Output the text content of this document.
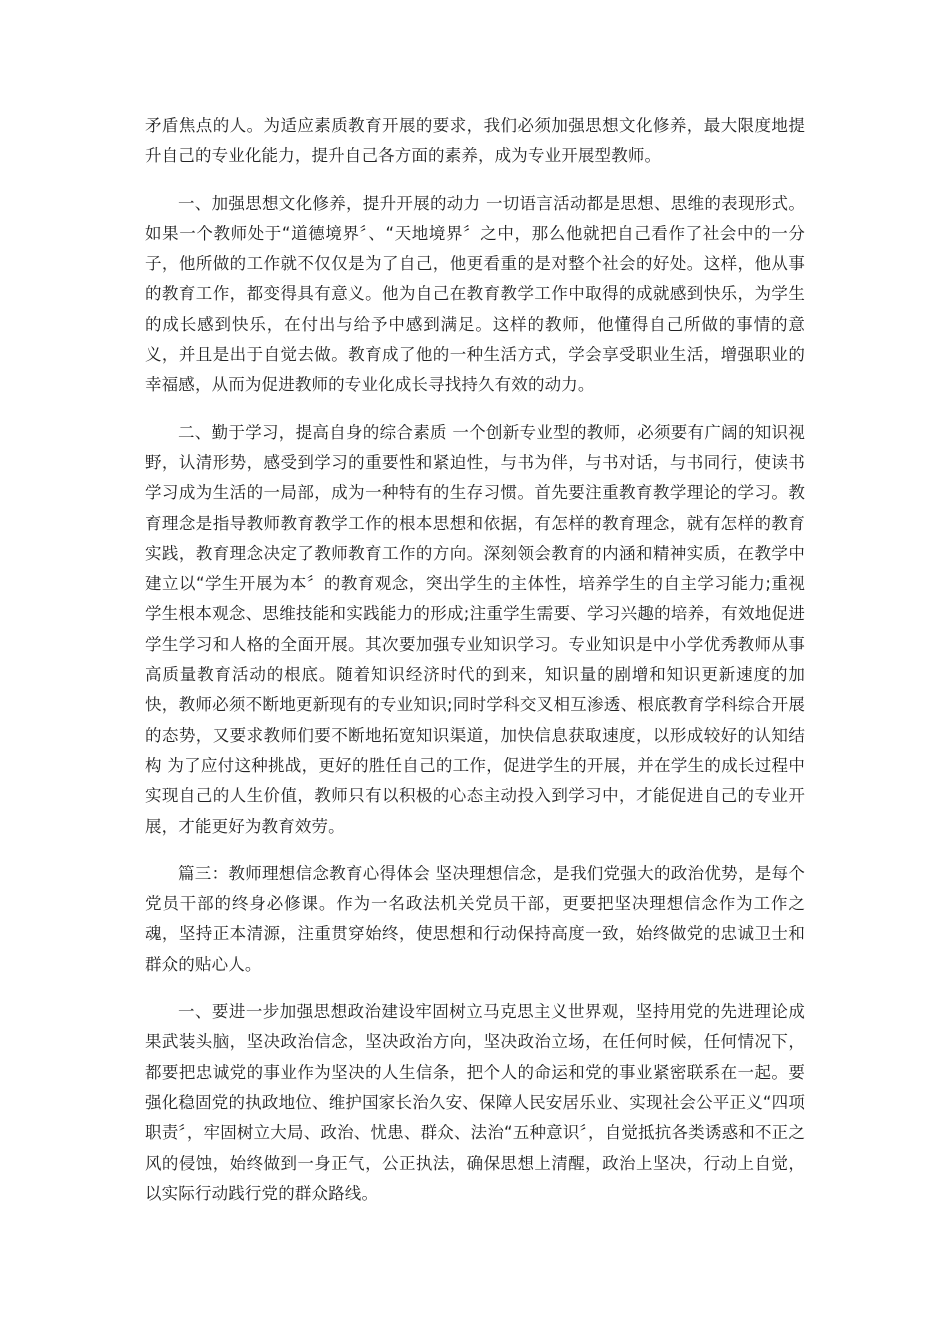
矛盾焦点的人。为适应素质教育开展的要求，我们必须加强思想文化修养，最大限度地提升自己的专业化能力，提升自己各方面的素养，成为专业开展型教师。

一、加强思想文化修养，提升开展的动力 一切语言活动都是思想、思维的表现形式。如果一个教师处于“道德境界〞、“天地境界〞之中，那么他就把自己看作了社会中的一分子，他所做的工作就不仅仅是为了自己，他更看重的是对整个社会的好处。这样，他从事的教育工作，都变得具有意义。他为自己在教育教学工作中取得的成就感到快乐，为学生的成长感到快乐，在付出与给予中感到满足。这样的教师，他懂得自己所做的事情的意义，并且是出于自觉去做。教育成了他的一种生活方式，学会享受职业生活，增强职业的幸福感，从而为促进教师的专业化成长寻找持久有效的动力。

二、勤于学习，提高自身的综合素质 一个创新专业型的教师，必须要有广阔的知识视野，认清形势，感受到学习的重要性和紧迫性，与书为伴，与书对话，与书同行，使读书学习成为生活的一局部，成为一种特有的生存习惯。首先要注重教育教学理论的学习。教育理念是指导教师教育教学工作的根本思想和依据，有怎样的教育理念，就有怎样的教育实践，教育理念决定了教师教育工作的方向。深刻领会教育的内涵和精神实质，在教学中建立以“学生开展为本〞的教育观念，突出学生的主体性，培养学生的自主学习能力;重视学生根本观念、思维技能和实践能力的形成;注重学生需要、学习兴趣的培养，有效地促进学生学习和人格的全面开展。其次要加强专业知识学习。专业知识是中小学优秀教师从事高质量教育活动的根底。随着知识经济时代的到来，知识量的剧增和知识更新速度的加快，教师必须不断地更新现有的专业知识;同时学科交叉相互渗透、根底教育学科综合开展的态势，又要求教师们要不断地拓宽知识渠道，加快信息获取速度，以形成较好的认知结构 为了应付这种挑战，更好的胜任自己的工作，促进学生的开展，并在学生的成长过程中实现自己的人生价值，教师只有以积极的心态主动投入到学习中，才能促进自己的专业开展，才能更好为教育效劳。

篇三：教师理想信念教育心得体会 坚决理想信念，是我们党强大的政治优势，是每个党员干部的终身必修课。作为一名政法机关党员干部，更要把坚决理想信念作为工作之魂，坚持正本清源，注重贯穿始终，使思想和行动保持高度一致，始终做党的忠诚卫士和群众的贴心人。

一、要进一步加强思想政治建设牢固树立马克思主义世界观，坚持用党的先进理论成果武装头脑，坚决政治信念，坚决政治方向，坚决政治立场，在任何时候，任何情况下，都要把忠诚党的事业作为坚决的人生信条，把个人的命运和党的事业紧密联系在一起。要强化稳固党的执政地位、维护国家长治久安、保障人民安居乐业、实现社会公平正义“四项职责〞，牢固树立大局、政治、忧患、群众、法治“五种意识〞，自觉抵抗各类诱惑和不正之风的侵蚀，始终做到一身正气，公正执法，确保思想上清醒，政治上坚决，行动上自觉，以实际行动践行党的群众路线。
